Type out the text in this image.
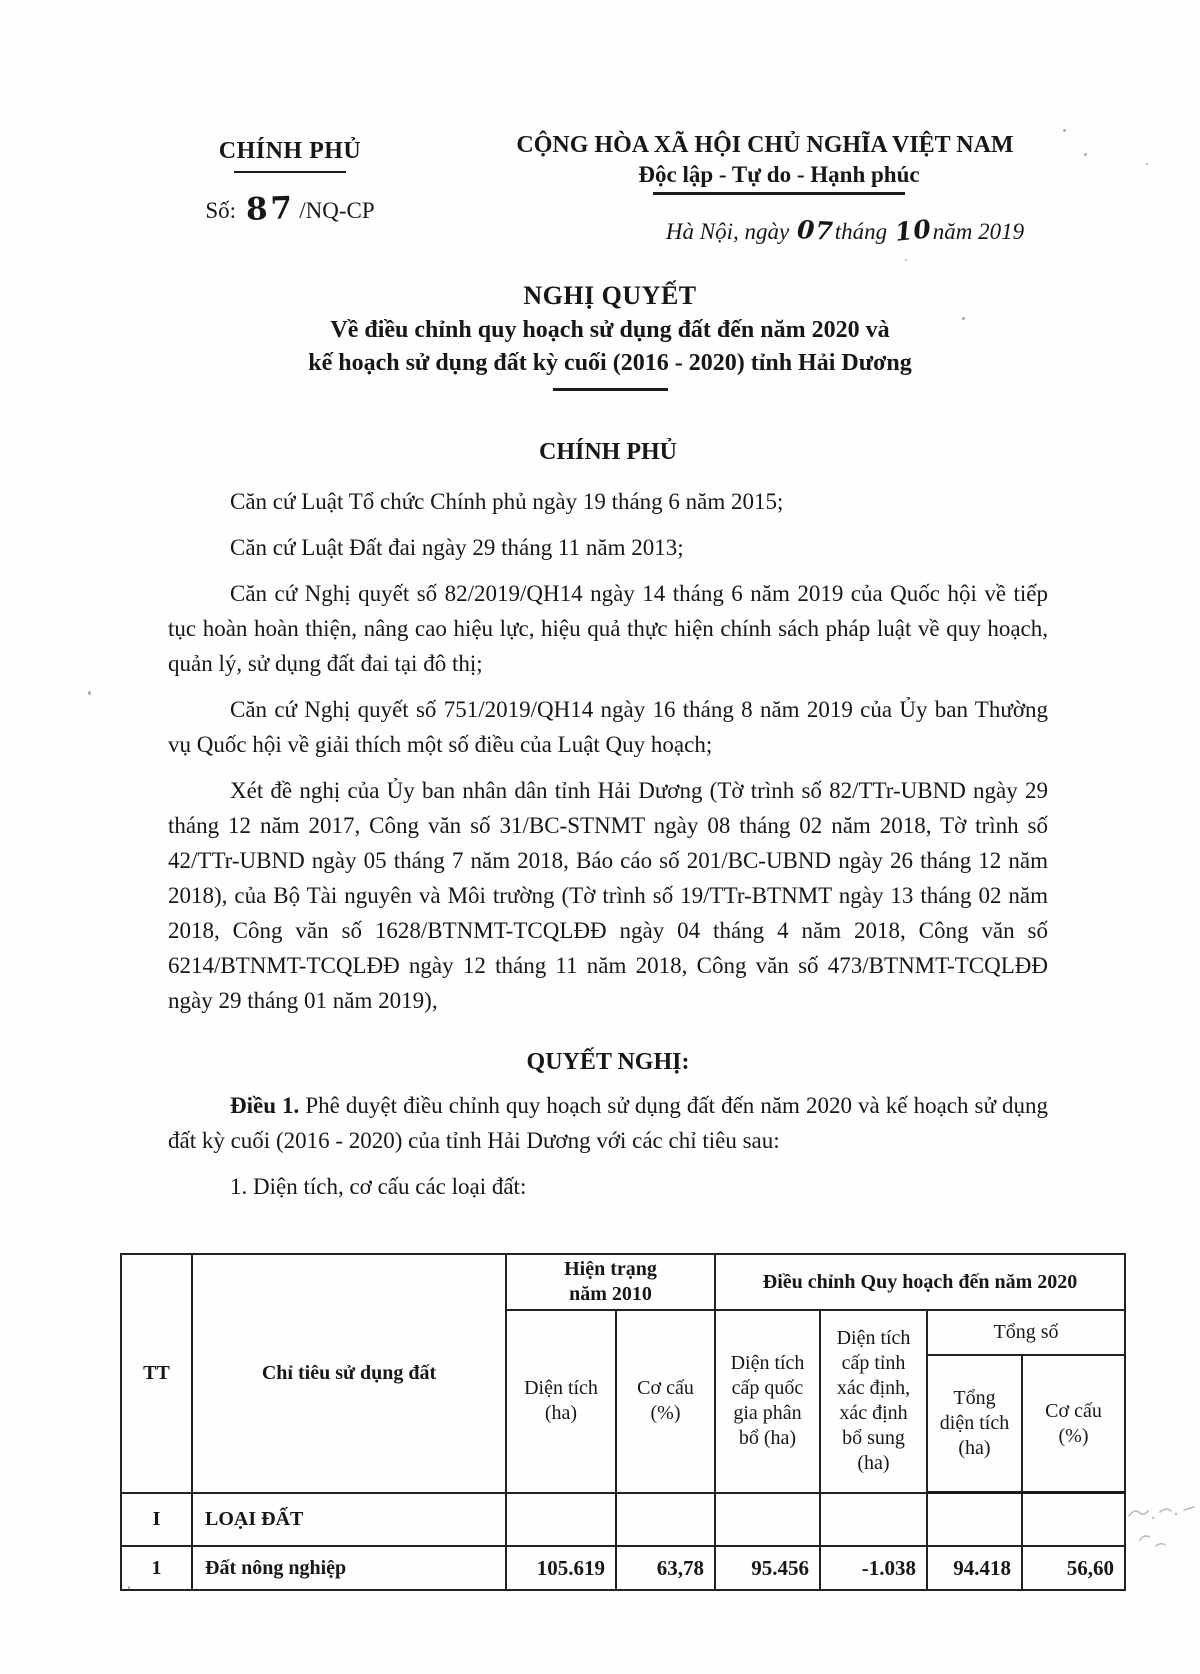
CHÍNH PHỦ
Số: 87 /NQ-CP
CỘNG HÒA XÃ HỘI CHỦ NGHĨA VIỆT NAM
Độc lập - Tự do - Hạnh phúc
Hà Nội, ngày 07tháng 10năm 2019
NGHỊ QUYẾT
Về điều chỉnh quy hoạch sử dụng đất đến năm 2020 và
kế hoạch sử dụng đất kỳ cuối (2016 - 2020) tỉnh Hải Dương
CHÍNH PHỦ

Căn cứ Luật Tổ chức Chính phủ ngày 19 tháng 6 năm 2015;

Căn cứ Luật Đất đai ngày 29 tháng 11 năm 2013;

Căn cứ Nghị quyết số 82/2019/QH14 ngày 14 tháng 6 năm 2019 của Quốc hội về tiếp tục hoàn hoàn thiện, nâng cao hiệu lực, hiệu quả thực hiện chính sách pháp luật về quy hoạch, quản lý, sử dụng đất đai tại đô thị;

Căn cứ Nghị quyết số 751/2019/QH14 ngày 16 tháng 8 năm 2019 của Ủy ban Thường vụ Quốc hội về giải thích một số điều của Luật Quy hoạch;

Xét đề nghị của Ủy ban nhân dân tỉnh Hải Dương (Tờ trình số 82/TTr-UBND ngày 29 tháng 12 năm 2017, Công văn số 31/BC-STNMT ngày 08 tháng 02 năm 2018, Tờ trình số 42/TTr-UBND ngày 05 tháng 7 năm 2018, Báo cáo số 201/BC-UBND ngày 26 tháng 12 năm 2018), của Bộ Tài nguyên và Môi trường (Tờ trình số 19/TTr-BTNMT ngày 13 tháng 02 năm 2018, Công văn số 1628/BTNMT-TCQLĐĐ ngày 04 tháng 4 năm 2018, Công văn số 6214/BTNMT-TCQLĐĐ ngày 12 tháng 11 năm 2018, Công văn số 473/BTNMT-TCQLĐĐ ngày 29 tháng 01 năm 2019),

QUYẾT NGHỊ:

Điều 1. Phê duyệt điều chỉnh quy hoạch sử dụng đất đến năm 2020 và kế hoạch sử dụng đất kỳ cuối (2016 - 2020) của tỉnh Hải Dương với các chỉ tiêu sau:

1. Diện tích, cơ cấu các loại đất:

TT	Chỉ tiêu sử dụng đất	Hiện trạng năm 2010		Điều chỉnh Quy hoạch đến năm 2020			
		Diện tích (ha)	Cơ cấu (%)	Diện tích cấp quốc gia phân bổ (ha)	Diện tích cấp tỉnh xác định, xác định bổ sung (ha)	Tổng số	
						Tổng diện tích (ha)	Cơ cấu (%)
I	LOẠI ĐẤT						
1	Đất nông nghiệp	105.619	63,78	95.456	-1.038	94.418	56,60
